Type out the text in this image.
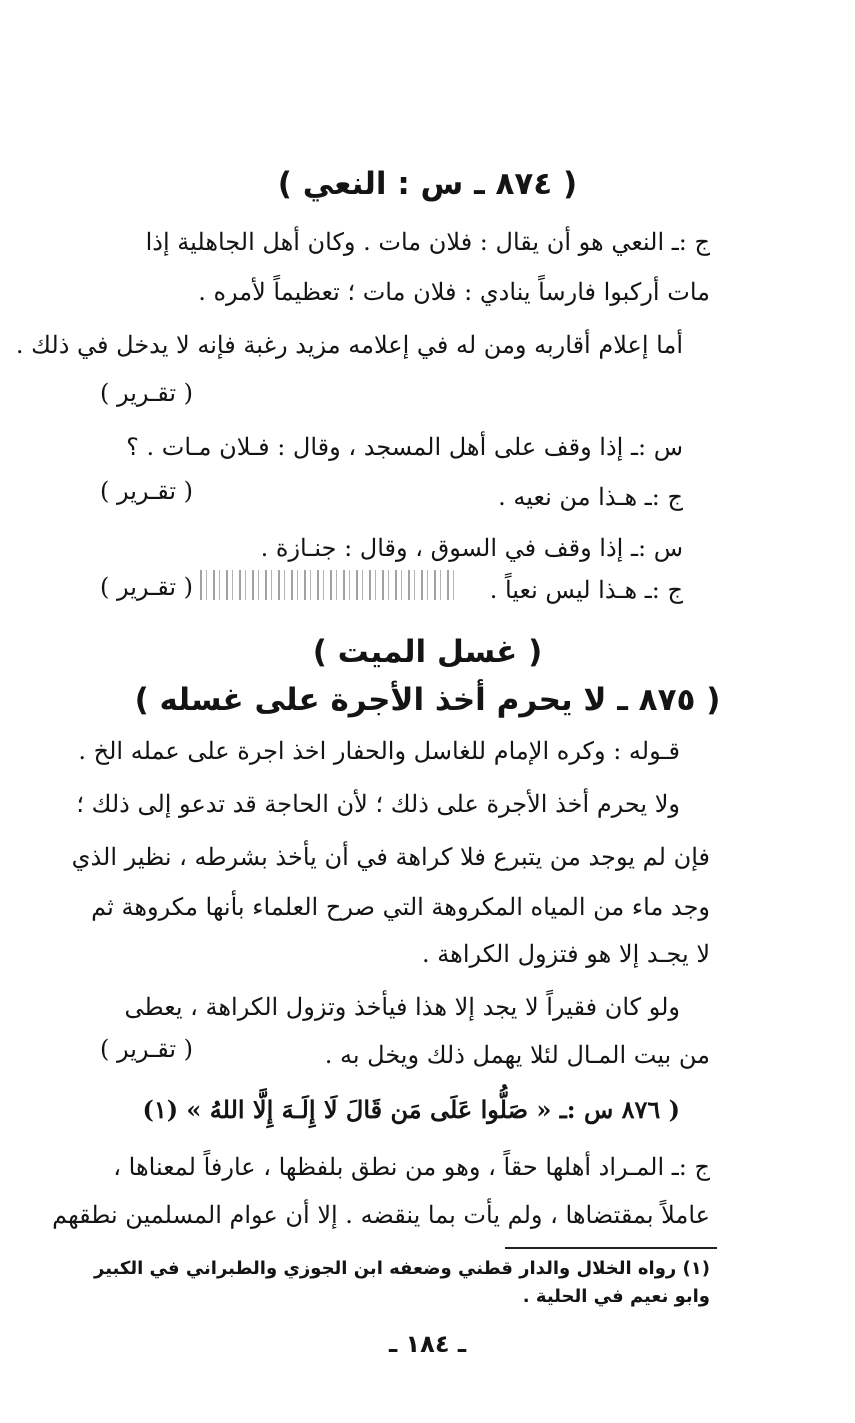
( ٨٧٤ ـ س : النعي )
ج :ـ النعي هو أن يقال : فلان مات . وكان أهل الجاهلية إذا
مات أركبوا فارساً ينادي : فلان مات ؛ تعظيماً لأمره .
أما إعلام أقاربه ومن له في إعلامه مزيد رغبة فإنه لا يدخل في ذلك .
( تقـرير )
س :ـ إذا وقف على أهل المسجد ، وقال : فـلان مـات . ؟
ج :ـ هـذا من نعيه .
( تقـرير )
س :ـ إذا وقف في السوق ، وقال : جنـازة .
ج :ـ هـذا ليس نعياً .
( تقـرير )
( غسل الميت )
( ٨٧٥ ـ لا يحرم أخذ الأجرة على غسله )
قـوله : وكره الإمام للغاسل والحفار اخذ اجرة على عمله الخ .
ولا يحرم أخذ الأجرة على ذلك ؛ لأن الحاجة قد تدعو إلى ذلك ؛
فإن لم يوجد من يتبرع فلا كراهة في أن يأخذ بشرطه ، نظير الذي
وجد ماء من المياه المكروهة التي صرح العلماء بأنها مكروهة ثم
لا يجـد إلا هو فتزول الكراهة .
ولو كان فقيراً لا يجد إلا هذا فيأخذ وتزول الكراهة ، يعطى
من بيت المـال لئلا يهمل ذلك ويخل به .
( تقـرير )
( ٨٧٦ س :ـ « صَلُّوا عَلَى مَن قَالَ لَا إِلَـهَ إِلَّا اللهُ » (١)
ج :ـ المـراد أهلها حقاً ، وهو من نطق بلفظها ، عارفاً لمعناها ،
عاملاً بمقتضاها ، ولم يأت بما ينقضه . إلا أن عوام المسلمين نطقهم
(١) رواه الخلال والدار قطني وضعفه ابن الجوزي والطبراني في الكبير
وابو نعيم في الحلية .
ـ ١٨٤ ـ
